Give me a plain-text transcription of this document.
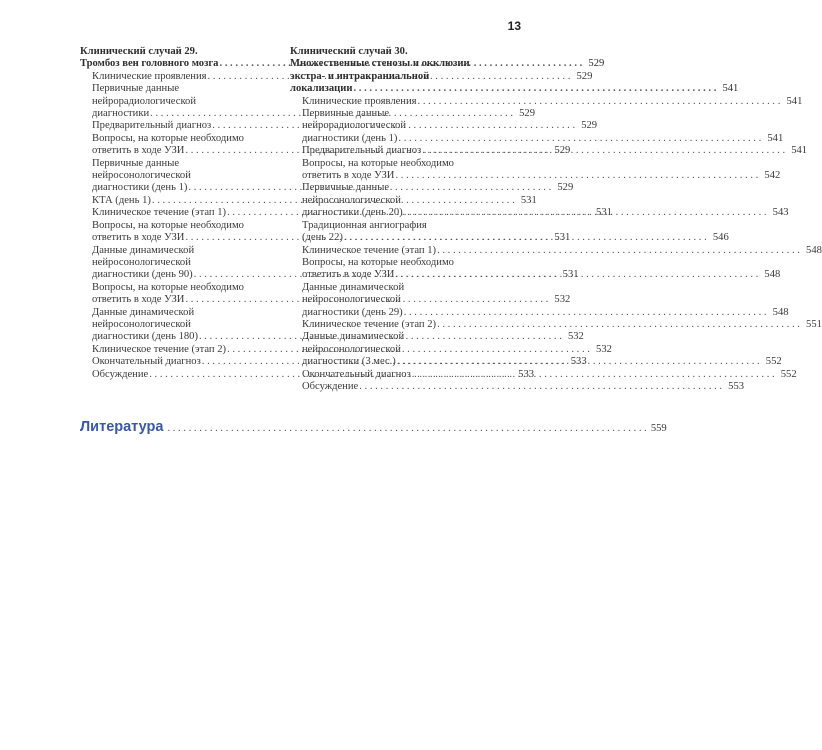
13
Клинический случай 29.
Тромбоз вен головного мозга . . .	529
Клинические проявления . . .	529
Первичные данные
нейрорадиологической
диагностики . . .	529
Предварительный диагноз . . .	529
Вопросы, на которые необходимо
ответить в ходе УЗИ . . .	529
Первичные данные
нейросонологической
диагностики (день 1) . . .	529
КТА (день 1) . . .	531
Клиническое течение (этап 1) . . .	531
Вопросы, на которые необходимо
ответить в ходе УЗИ . . .	531
Данные динамической
нейросонологической
диагностики (день 90) . . .	531
Вопросы, на которые необходимо
ответить в ходе УЗИ . . .	532
Данные динамической
нейросонологической
диагностики (день 180) . . .	532
Клиническое течение (этап 2) . . .	532
Окончательный диагноз . . .	533
Обсуждение . . .	533
Клинический случай 30.
Множественные стенозы и окклюзии
экстра- и интракраниальной
локализации . . .	541
Клинические проявления . . .	541
Первичные данные
нейрорадиологической
диагностики (день 1) . . .	541
Предварительный диагноз . . .	541
Вопросы, на которые необходимо
ответить в ходе УЗИ . . .	542
Первичные данные
нейросонологической
диагностики (день 20) . . .	543
Традиционная ангиография
(день 22) . . .	546
Клиническое течение (этап 1) . . .	548
Вопросы, на которые необходимо
ответить в ходе УЗИ . . .	548
Данные динамической
нейросонологической
диагностики (день 29) . . .	548
Клиническое течение (этап 2) . . .	551
Данные динамической
нейросонологической
диагностики (3 мес.) . . .	552
Окончательный диагноз . . .	552
Обсуждение . . .	553
Литература . . .	559
